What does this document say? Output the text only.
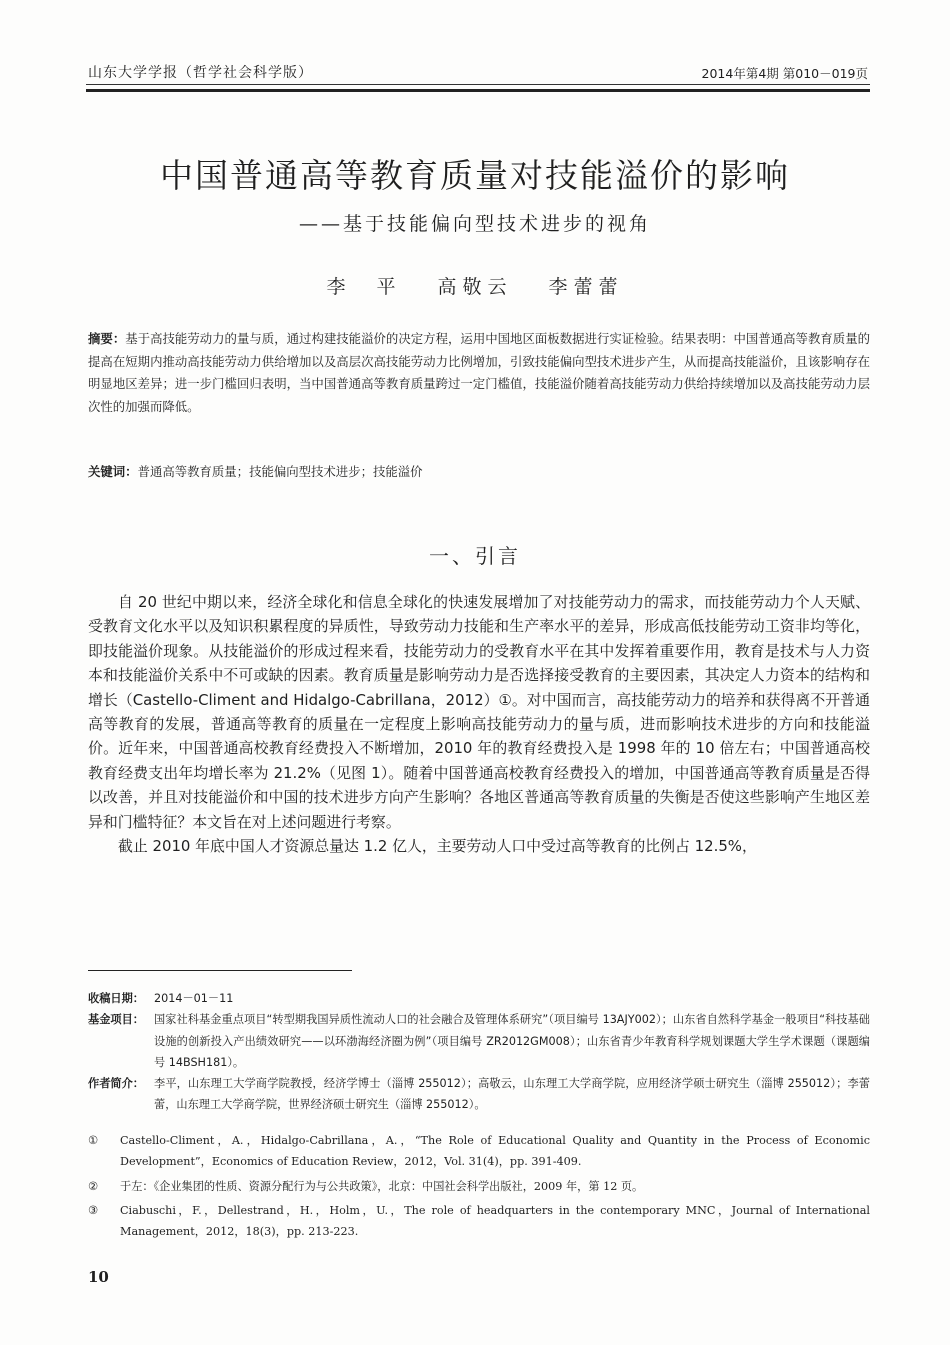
山东大学学报（哲学社会科学版）	2014年第4期 第010－019页
中国普通高等教育质量对技能溢价的影响
——基于技能偏向型技术进步的视角
李　平 高敬云 李蕾蕾
摘要：基于高技能劳动力的量与质，通过构建技能溢价的决定方程，运用中国地区面板数据进行实证检验。结果表明：中国普通高等教育质量的提高在短期内推动高技能劳动力供给增加以及高层次高技能劳动力比例增加，引致技能偏向型技术进步产生，从而提高技能溢价，且该影响存在明显地区差异；进一步门槛回归表明，当中国普通高等教育质量跨过一定门槛值，技能溢价随着高技能劳动力供给持续增加以及高技能劳动力层次性的加强而降低。
关键词：普通高等教育质量；技能偏向型技术进步；技能溢价
一、引言

自 20 世纪中期以来，经济全球化和信息全球化的快速发展增加了对技能劳动力的需求，而技能劳动力个人天赋、受教育文化水平以及知识积累程度的异质性，导致劳动力技能和生产率水平的差异，形成高低技能劳动工资非均等化，即技能溢价现象。从技能溢价的形成过程来看，技能劳动力的受教育水平在其中发挥着重要作用，教育是技术与人力资本和技能溢价关系中不可或缺的因素。教育质量是影响劳动力是否选择接受教育的主要因素，其决定人力资本的结构和增长（Castello-Climent and Hidalgo-Cabrillana，2012）①。对中国而言，高技能劳动力的培养和获得离不开普通高等教育的发展，普通高等教育的质量在一定程度上影响高技能劳动力的量与质，进而影响技术进步的方向和技能溢价。近年来，中国普通高校教育经费投入不断增加，2010 年的教育经费投入是 1998 年的 10 倍左右；中国普通高校教育经费支出年均增长率为 21.2%（见图 1）。随着中国普通高校教育经费投入的增加，中国普通高等教育质量是否得以改善，并且对技能溢价和中国的技术进步方向产生影响？各地区普通高等教育质量的失衡是否使这些影响产生地区差异和门槛特征？本文旨在对上述问题进行考察。

截止 2010 年底中国人才资源总量达 1.2 亿人，主要劳动人口中受过高等教育的比例占 12.5%，

收稿日期： 2014－01－11
基金项目： 国家社科基金重点项目“转型期我国异质性流动人口的社会融合及管理体系研究”（项目编号 13AJY002）；山东省自然科学基金一般项目“科技基础设施的创新投入产出绩效研究——以环渤海经济圈为例”（项目编号 ZR2012GM008）；山东省青少年教育科学规划课题大学生学术课题（课题编号 14BSH181）。
作者简介： 李平，山东理工大学商学院教授，经济学博士（淄博 255012）；高敬云，山东理工大学商学院，应用经济学硕士研究生（淄博 255012）；李蕾蕾，山东理工大学商学院，世界经济硕士研究生（淄博 255012）。
①	Castello-Climent，A.，Hidalgo-Cabrillana，A.，“The Role of Educational Quality and Quantity in the Process of Economic Development”，Economics of Education Review，2012，Vol. 31(4)，pp. 391-409.
②	于左：《企业集团的性质、资源分配行为与公共政策》，北京：中国社会科学出版社，2009 年，第 12 页。
③	Ciabuschi，F.，Dellestrand，H.，Holm，U.，The role of headquarters in the contemporary MNC，Journal of International Management，2012，18(3)，pp. 213-223.
10
